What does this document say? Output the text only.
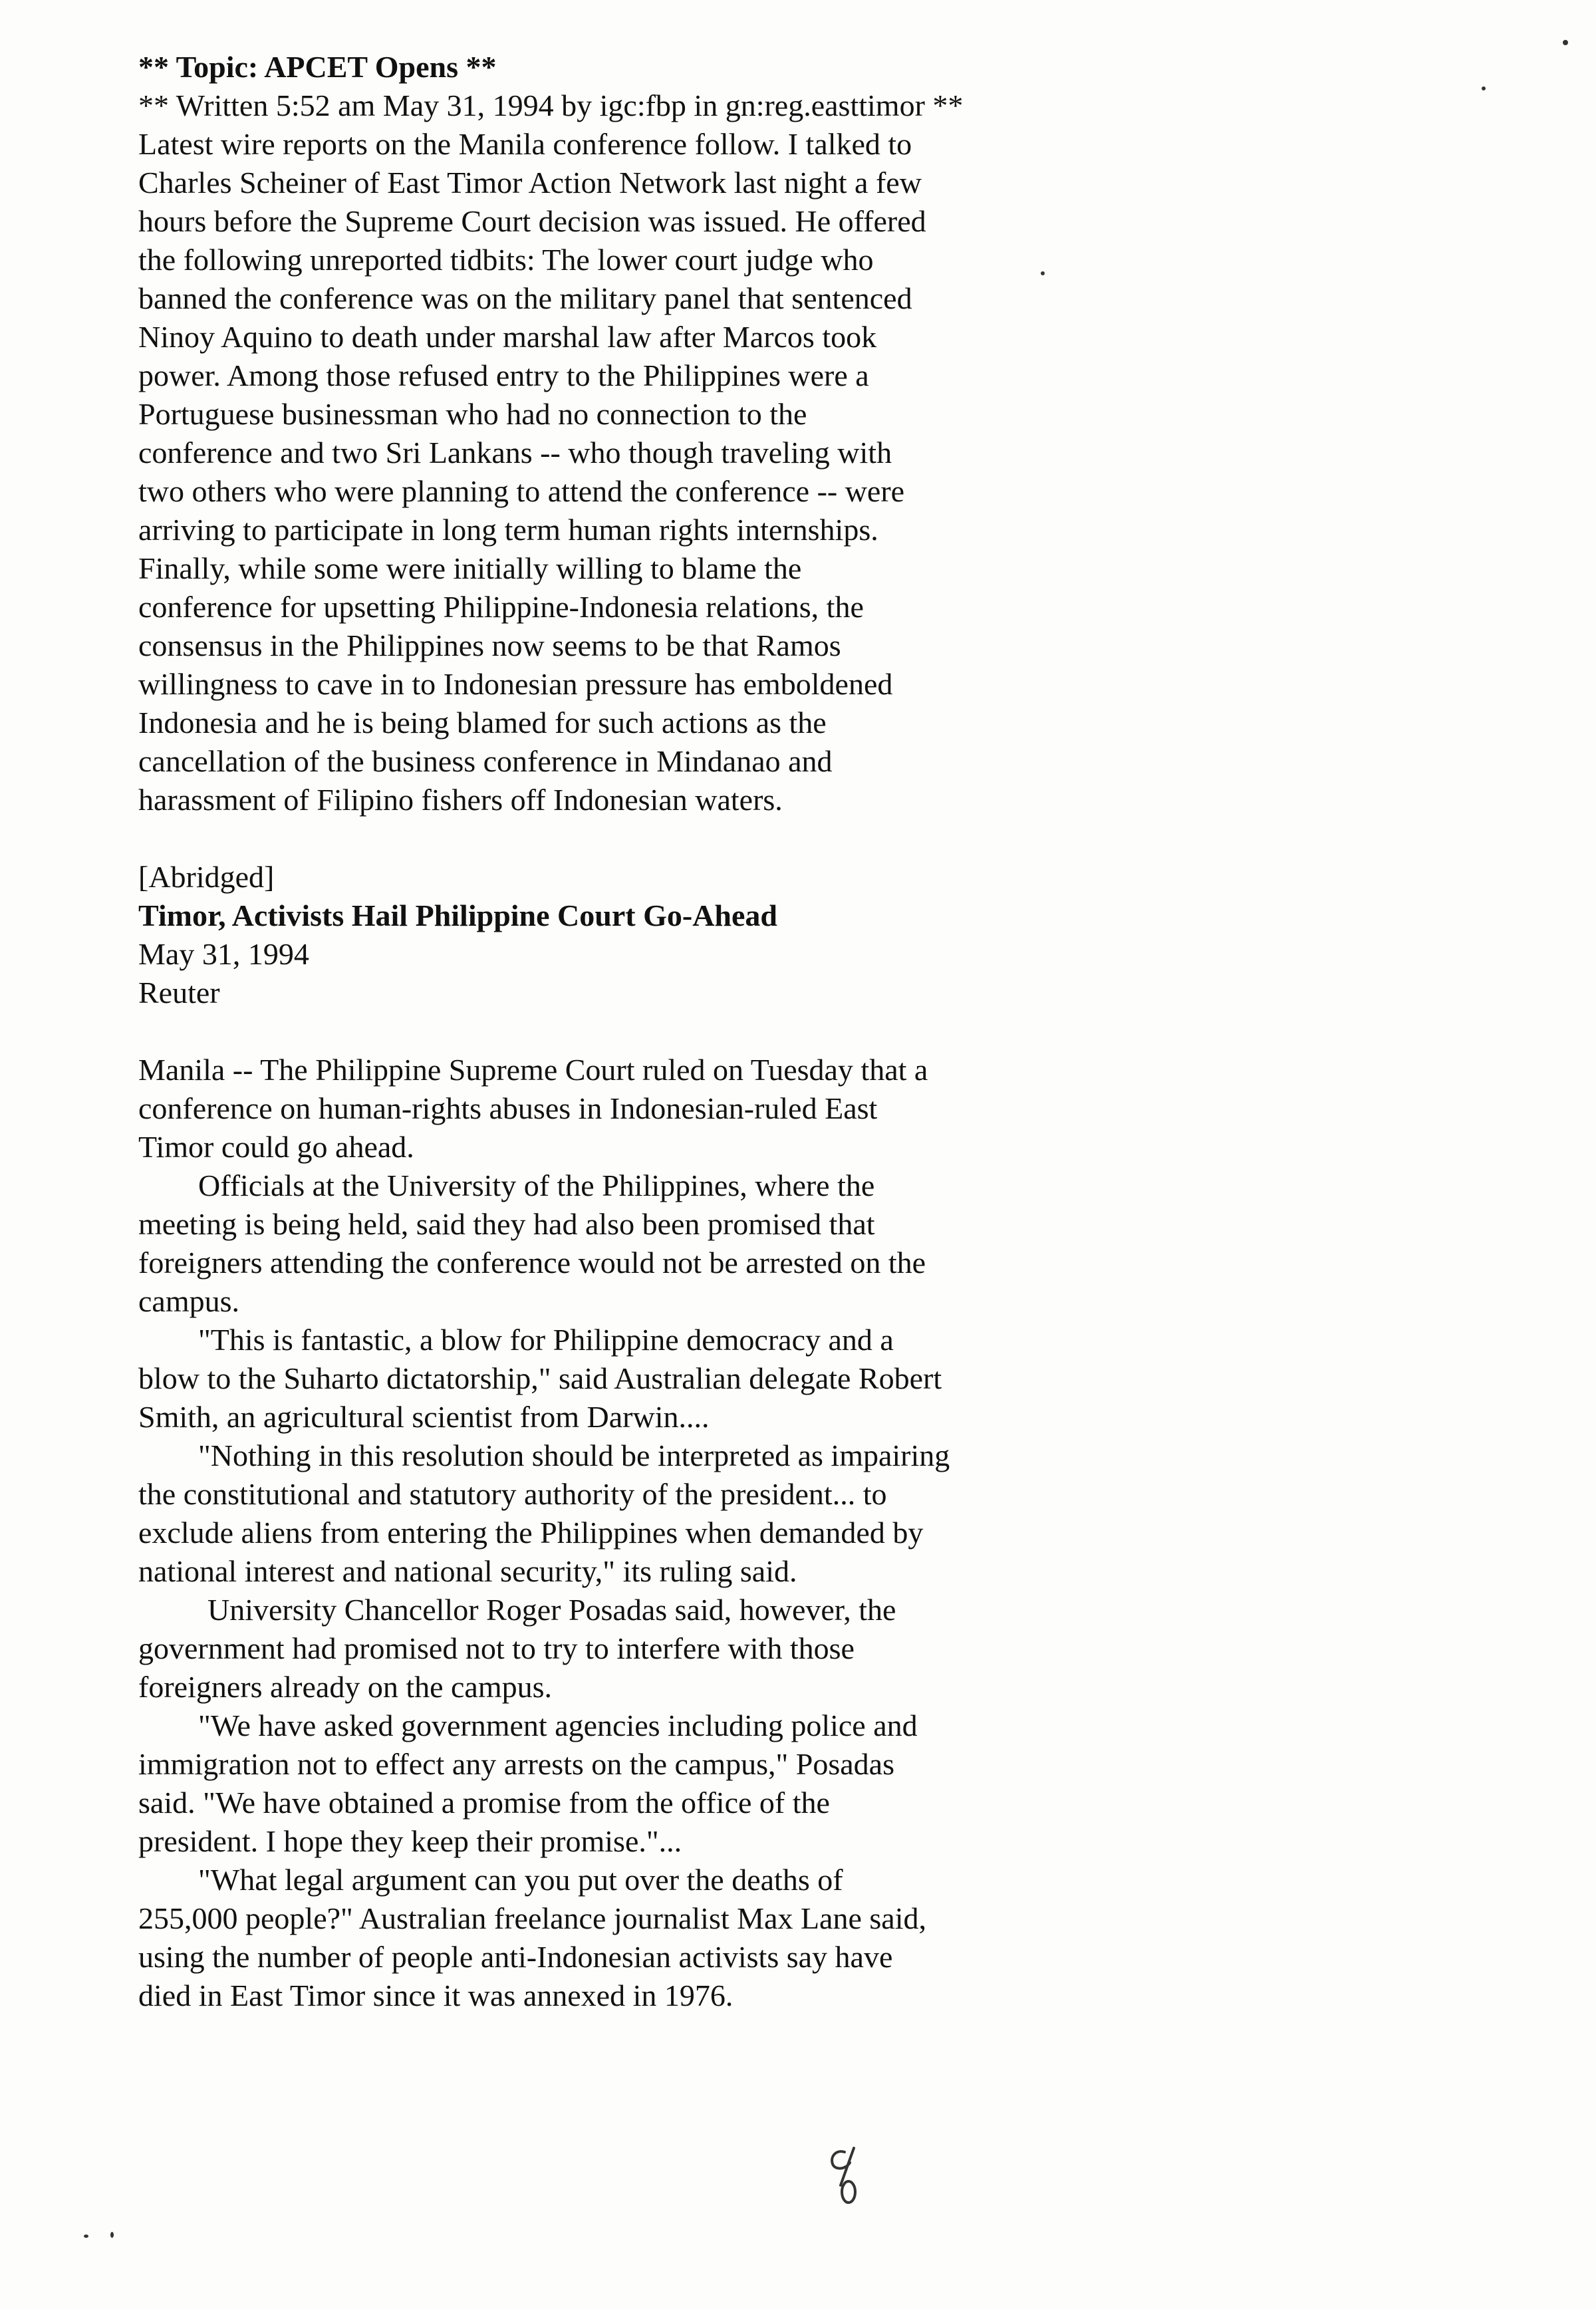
** Topic: APCET Opens **
** Written 5:52 am May 31, 1994 by igc:fbp in gn:reg.easttimor **
Latest wire reports on the Manila conference follow. I talked to
Charles Scheiner of East Timor Action Network last night a few
hours before the Supreme Court decision was issued. He offered
the following unreported tidbits: The lower court judge who
banned the conference was on the military panel that sentenced
Ninoy Aquino to death under marshal law after Marcos took
power. Among those refused entry to the Philippines were a
Portuguese businessman who had no connection to the
conference and two Sri Lankans -- who though traveling with
two others who were planning to attend the conference -- were
arriving to participate in long term human rights internships.
Finally, while some were initially willing to blame the
conference for upsetting Philippine-Indonesia relations, the
consensus in the Philippines now seems to be that Ramos
willingness to cave in to Indonesian pressure has emboldened
Indonesia and he is being blamed for such actions as the
cancellation of the business conference in Mindanao and
harassment of Filipino fishers off Indonesian waters.
[Abridged]
Timor, Activists Hail Philippine Court Go-Ahead
May 31, 1994
Reuter
Manila -- The Philippine Supreme Court ruled on Tuesday that a
conference on human-rights abuses in Indonesian-ruled East
Timor could go ahead.
Officials at the University of the Philippines, where the
meeting is being held, said they had also been promised that
foreigners attending the conference would not be arrested on the
campus.
"This is fantastic, a blow for Philippine democracy and a
blow to the Suharto dictatorship," said Australian delegate Robert
Smith, an agricultural scientist from Darwin....
"Nothing in this resolution should be interpreted as impairing
the constitutional and statutory authority of the president... to
exclude aliens from entering the Philippines when demanded by
national interest and national security," its ruling said.
University Chancellor Roger Posadas said, however, the
government had promised not to try to interfere with those
foreigners already on the campus.
"We have asked government agencies including police and
immigration not to effect any arrests on the campus," Posadas
said. "We have obtained a promise from the office of the
president. I hope they keep their promise."...
"What legal argument can you put over the deaths of
255,000 people?" Australian freelance journalist Max Lane said,
using the number of people anti-Indonesian activists say have
died in East Timor since it was annexed in 1976.
